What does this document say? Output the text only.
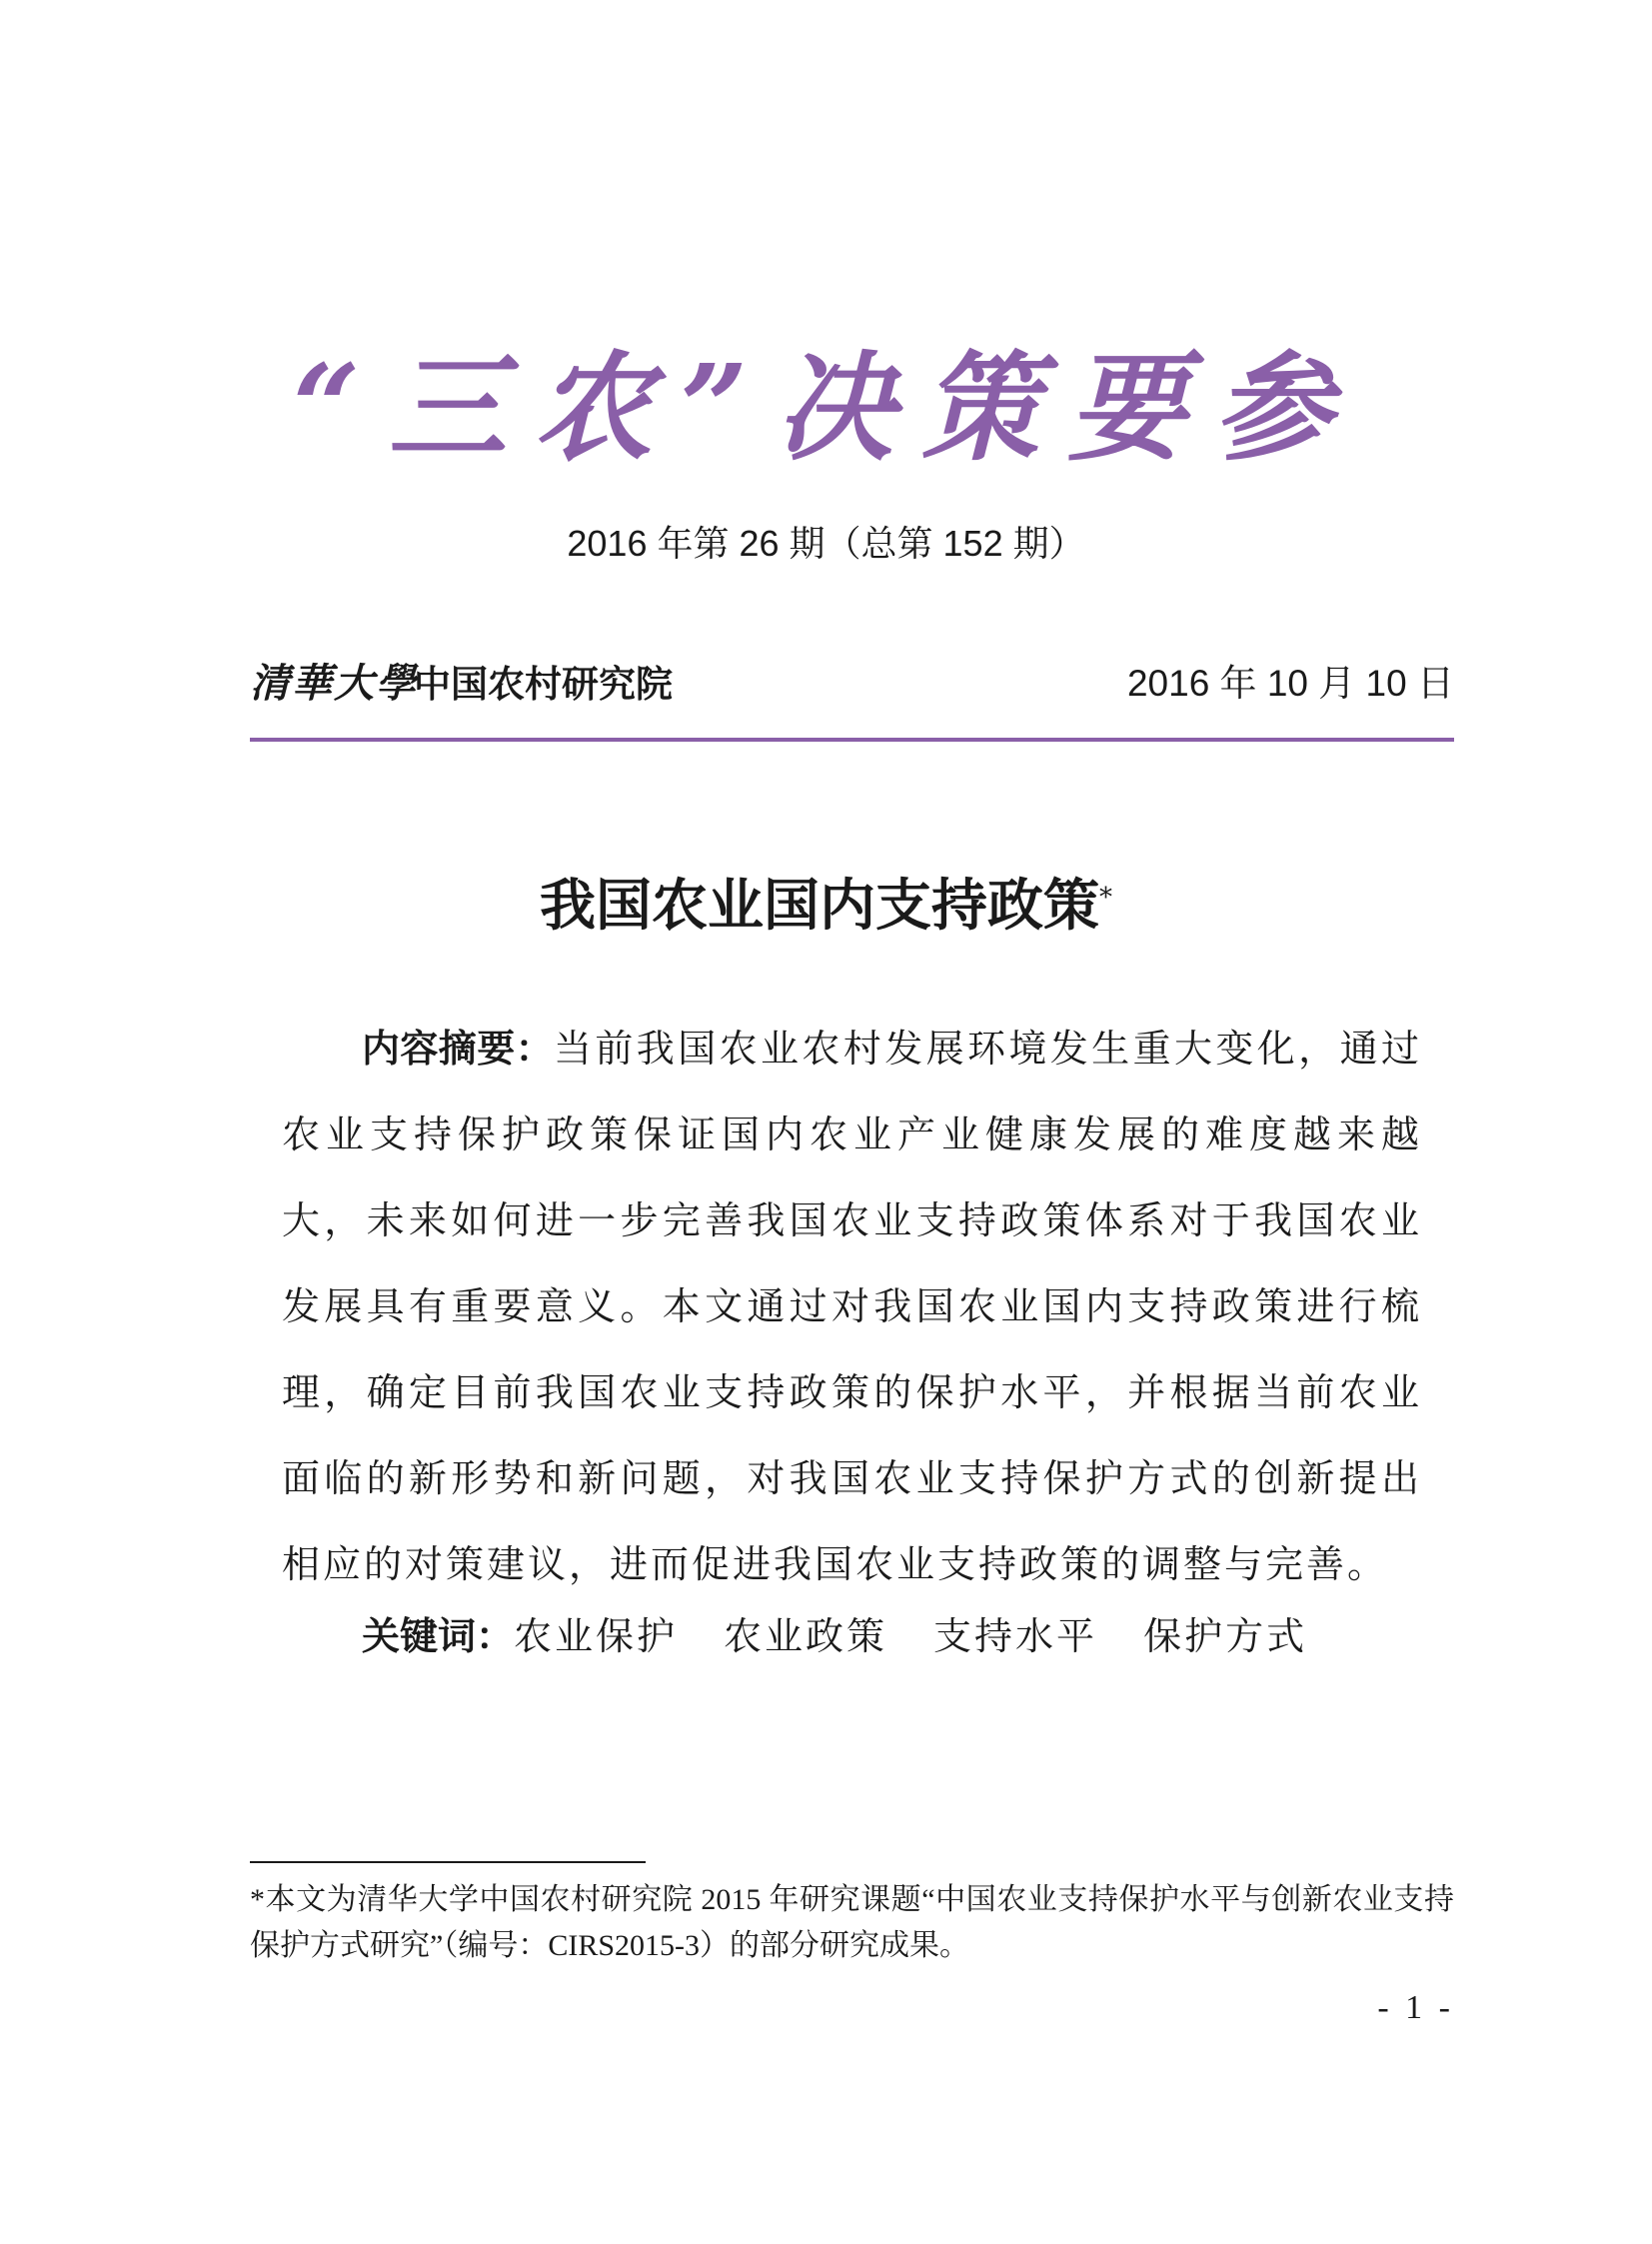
“三农”决策要参
2016 年第 26 期（总第 152 期）
清華大學
中国农村研究院	2016 年 10 月 10 日
我国农业国内支持政策*
内容摘要：当前我国农业农村发展环境发生重大变化，通过农业支持保护政策保证国内农业产业健康发展的难度越来越大，未来如何进一步完善我国农业支持政策体系对于我国农业发展具有重要意义。本文通过对我国农业国内支持政策进行梳理，确定目前我国农业支持政策的保护水平，并根据当前农业面临的新形势和新问题，对我国农业支持保护方式的创新提出相应的对策建议，进而促进我国农业支持政策的调整与完善。
关键词：农业保护 农业政策 支持水平 保护方式
*本文为清华大学中国农村研究院 2015 年研究课题“中国农业支持保护水平与创新农业支持保护方式研究”（编号：CIRS2015-3）的部分研究成果。
- 1 -
